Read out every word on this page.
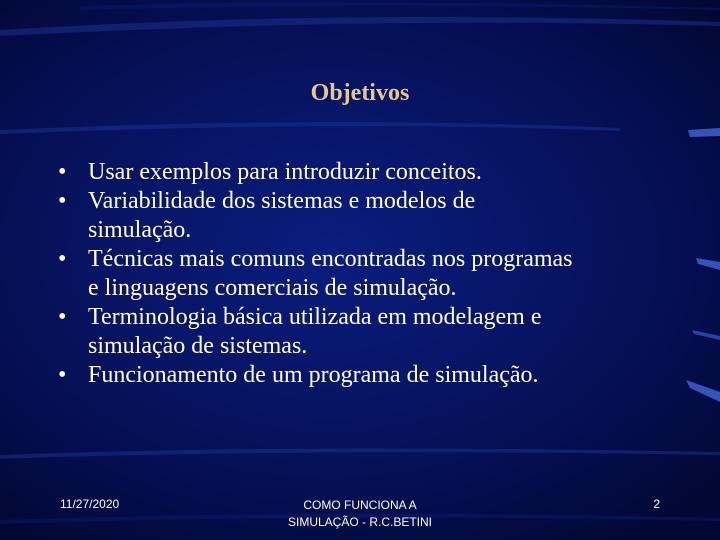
Objetivos
• Usar exemplos para introduzir conceitos.
• Variabilidade dos sistemas e modelos de
simulação.
• Técnicas mais comuns encontradas nos programas
e linguagens comerciais de simulação.
• Terminologia básica utilizada em modelagem e
simulação de sistemas.
• Funcionamento de um programa de simulação.
11/27/2020	COMO FUNCIONA A
SIMULAÇÃO - R.C.BETINI
2
